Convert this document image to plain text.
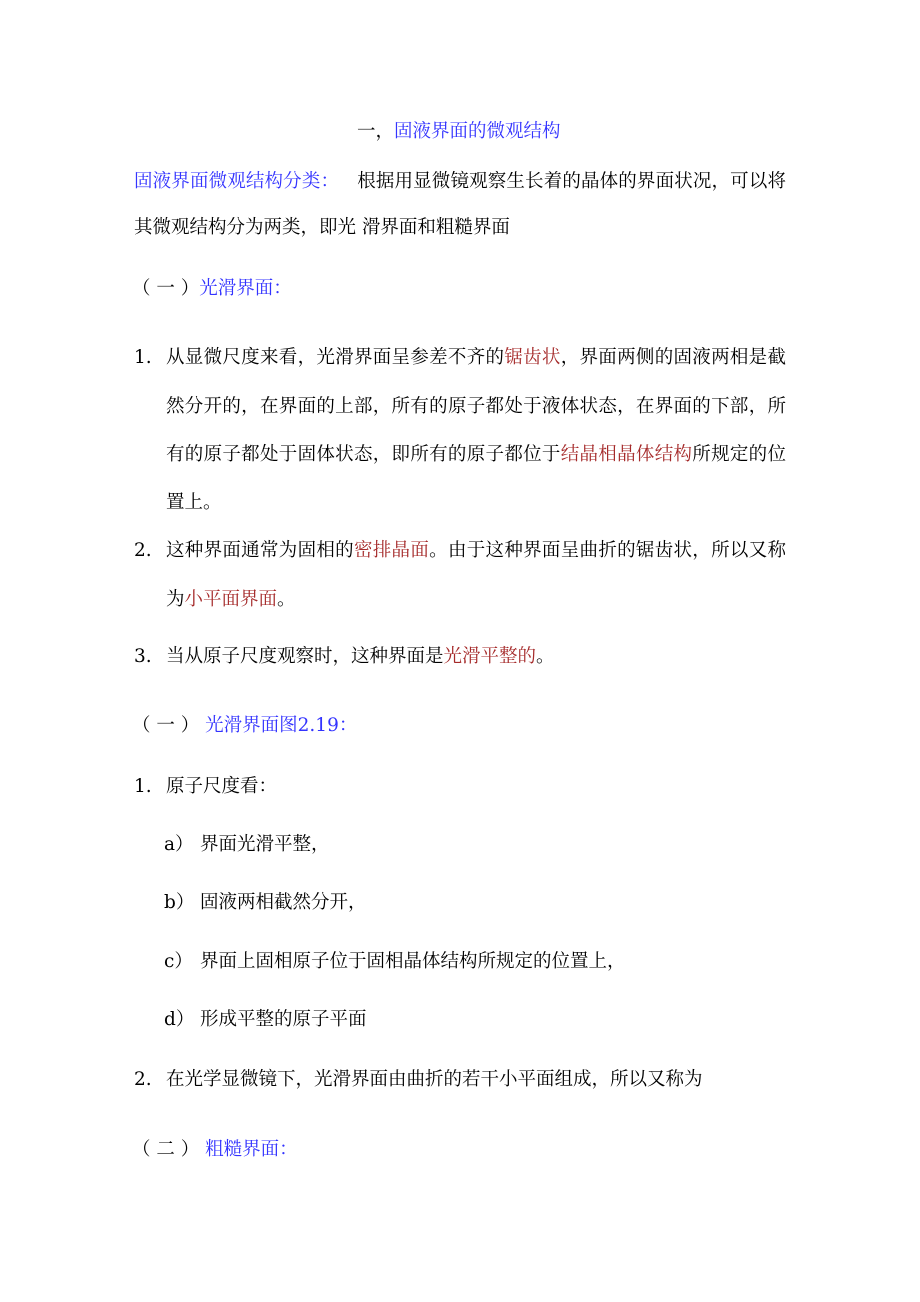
一，固液界面的微观结构
固液界面微观结构分类： 根据用显微镜观察生长着的晶体的界面状况，可以将
其微观结构分为两类，即光 滑界面和粗糙界面
（ 一 ）光滑界面：
1. 从显微尺度来看，光滑界面呈参差不齐的锯齿状，界面两侧的固液两相是截
然分开的，在界面的上部，所有的原子都处于液体状态，在界面的下部，所
有的原子都处于固体状态，即所有的原子都位于结晶相晶体结构所规定的位
置上。
2. 这种界面通常为固相的密排晶面。由于这种界面呈曲折的锯齿状，所以又称
为小平面界面。
3. 当从原子尺度观察时，这种界面是光滑平整的。
（ 一 ） 光滑界面图2.19：
1. 原子尺度看：
a） 界面光滑平整，
b） 固液两相截然分开，
c） 界面上固相原子位于固相晶体结构所规定的位置上，
d） 形成平整的原子平面
2. 在光学显微镜下，光滑界面由曲折的若干小平面组成，所以又称为
（ 二 ） 粗糙界面：
